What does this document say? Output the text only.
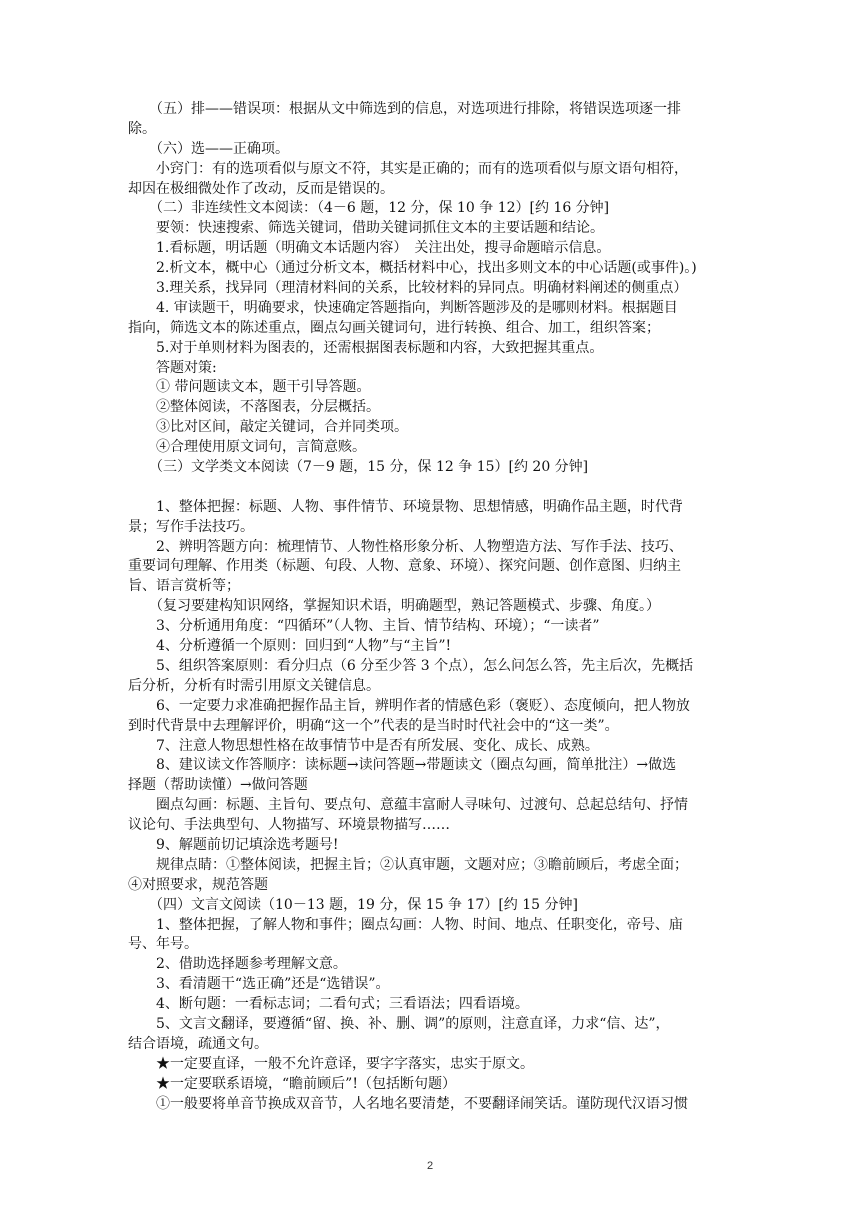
　　（五）排——错误项：根据从文中筛选到的信息，对选项进行排除，将错误选项逐一排
除。
　　（六）选——正确项。
　　小窍门：有的选项看似与原文不符，其实是正确的；而有的选项看似与原文语句相符，
却因在极细微处作了改动，反而是错误的。
　　（二）非连续性文本阅读：（4－6 题，12 分，保 10 争 12）[约 16 分钟]
　　要领：快速搜索、筛选关键词，借助关键词抓住文本的主要话题和结论。
　　1.看标题，明话题（明确文本话题内容）　关注出处，搜寻命题暗示信息。
　　2.析文本，概中心（通过分析文本，概括材料中心，找出多则文本的中心话题(或事件)。)
　　3.理关系，找异同（理清材料间的关系，比较材料的异同点。明确材料阐述的侧重点）
　　4. 审读题干，明确要求，快速确定答题指向，判断答题涉及的是哪则材料。根据题目
指向，筛选文本的陈述重点，圈点勾画关键词句，进行转换、组合、加工，组织答案；
　　5.对于单则材料为图表的，还需根据图表标题和内容，大致把握其重点。
　　答题对策:
　　① 带问题读文本，题干引导答题。
　　②整体阅读，不落图表，分层概括。
　　③比对区间，敲定关键词，合并同类项。
　　④合理使用原文词句，言简意赅。
　　（三）文学类文本阅读（7－9 题，15 分，保 12 争 15）[约 20 分钟]
　　1、整体把握：标题、人物、事件情节、环境景物、思想情感，明确作品主题，时代背
景；写作手法技巧。
　　2、辨明答题方向：梳理情节、人物性格形象分析、人物塑造方法、写作手法、技巧、
重要词句理解、作用类（标题、句段、人物、意象、环境）、探究问题、创作意图、归纳主
旨、语言赏析等；
　　（复习要建构知识网络，掌握知识术语，明确题型，熟记答题模式、步骤、角度。）
　　3、分析通用角度：“四循环”（人物、主旨、情节结构、环境）；“一读者”
　　4、分析遵循一个原则：回归到“人物”与“主旨”!
　　5、组织答案原则：看分归点（6 分至少答 3 个点），怎么问怎么答，先主后次，先概括
后分析，分析有时需引用原文关键信息。
　　6、一定要力求准确把握作品主旨，辨明作者的情感色彩（褒贬）、态度倾向，把人物放
到时代背景中去理解评价，明确“这一个”代表的是当时时代社会中的“这一类”。
　　7、注意人物思想性格在故事情节中是否有所发展、变化、成长、成熟。
　　8、建议读文作答顺序：读标题→读问答题→带题读文（圈点勾画，简单批注）→做选
择题（帮助读懂）→做问答题
　　圈点勾画：标题、主旨句、要点句、意蕴丰富耐人寻味句、过渡句、总起总结句、抒情
议论句、手法典型句、人物描写、环境景物描写……
　　9、解题前切记填涂选考题号!
　　规律点睛：①整体阅读，把握主旨；②认真审题，文题对应；③瞻前顾后，考虑全面；
④对照要求，规范答题
　　（四）文言文阅读（10－13 题，19 分，保 15 争 17）[约 15 分钟]
　　1、整体把握，了解人物和事件；圈点勾画：人物、时间、地点、任职变化，帝号、庙
号、年号。
　　2、借助选择题参考理解文意。
　　3、看清题干“选正确”还是“选错误”。
　　4、断句题：一看标志词；二看句式；三看语法；四看语境。
　　5、文言文翻译，要遵循“留、换、补、删、调”的原则，注意直译，力求“信、达”，
结合语境，疏通文句。
　　★一定要直译，一般不允许意译，要字字落实，忠实于原文。
　　★一定要联系语境，“瞻前顾后”!（包括断句题）
　　①一般要将单音节换成双音节，人名地名要清楚，不要翻译闹笑话。谨防现代汉语习惯
2
